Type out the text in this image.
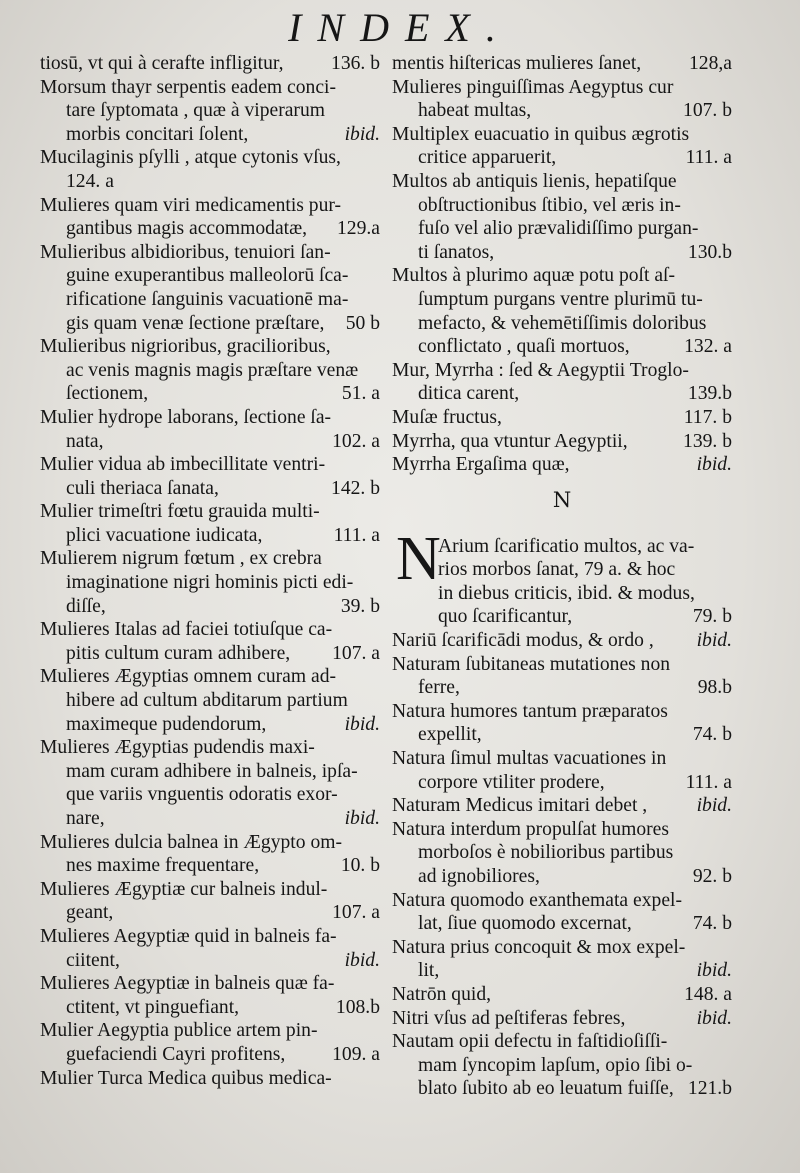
INDEX.
tiosū, vt qui à cerafte infligitur, 136. b
Morsum thayr serpentis eadem conci-
tare ſyptomata , quæ à viperarum
morbis concitari ſolent,	ibid.
Mucilaginis pſylli , atque cytonis vſus,
124. a
Mulieres quam viri medicamentis pur-
gantibus magis accommodatæ, 129.a
Mulieribus albidioribus, tenuiori ſan-
guine exuperantibus malleolorū ſca-
rificatione ſanguinis vacuationē ma-
gis quam venæ ſectione præſtare, 50 b
Mulieribus nigrioribus, gracilioribus,
ac venis magnis magis præſtare venæ
ſectionem,	51. a
Mulier hydrope laborans, ſectione ſa-
nata,	102. a
Mulier vidua ab imbecillitate ventri-
culi theriaca ſanata,	142. b
Mulier trimeſtri fœtu grauida multi-
plici vacuatione iudicata,	111. a
Mulierem nigrum fœtum , ex crebra
imaginatione nigri hominis picti edi-
diſſe,	39. b
Mulieres Italas ad faciei totiuſque ca-
pitis cultum curam adhibere, 107. a
Mulieres Ægyptias omnem curam ad-
hibere ad cultum abditarum partium
maximeque pudendorum,	ibid.
Mulieres Ægyptias pudendis maxi-
mam curam adhibere in balneis, ipſa-
que variis vnguentis odoratis exor-
nare,	ibid.
Mulieres dulcia balnea in Ægypto om-
nes maxime frequentare,	10. b
Mulieres Ægyptiæ cur balneis indul-
geant,	107. a
Mulieres Aegyptiæ quid in balneis fa-
ciitent,	ibid.
Mulieres Aegyptiæ in balneis quæ fa-
ctitent, vt pinguefiant,	108.b
Mulier Aegyptia publice artem pin-
guefaciendi Cayri profitens, 109. a
Mulier Turca Medica quibus medica-
mentis hiſtericas mulieres ſanet, 128,a
Mulieres pinguiſſimas Aegyptus cur
habeat multas,	107. b
Multiplex euacuatio in quibus ægrotis
critice apparuerit,	111. a
Multos ab antiquis lienis, hepatiſque
obſtructionibus ſtibio, vel æris in-
fuſo vel alio prævalidiſſimo purgan-
ti ſanatos,	130.b
Multos à plurimo aquæ potu poſt aſ-
ſumptum purgans ventre plurimū tu-
mefacto, & vehemētiſſimis doloribus
conflictato , quaſi mortuos,	132. a
Mur, Myrrha : ſed & Aegyptii Troglo-
ditica carent,	139.b
Muſæ fructus,	117. b
Myrrha, qua vtuntur Aegyptii,	139. b
Myrrha Ergaſima quæ,	ibid.
N
N
Arium ſcarificatio multos, ac va-
rios morbos ſanat, 79 a. & hoc
in diebus criticis, ibid. & modus,
quo ſcarificantur,	79. b
Nariū ſcarificādi modus, & ordo , ibid.
Naturam ſubitaneas mutationes non
ferre,	98.b
Natura humores tantum præparatos
expellit,	74. b
Natura ſimul multas vacuationes in
corpore vtiliter prodere,	111. a
Naturam Medicus imitari debet ,	ibid.
Natura interdum propulſat humores
morboſos è nobilioribus partibus
ad ignobiliores,	92. b
Natura quomodo exanthemata expel-
lat, ſiue quomodo excernat,	74. b
Natura prius concoquit & mox expel-
lit,	ibid.
Natrōn quid,	148. a
Nitri vſus ad peſtiferas febres,	ibid.
Nautam opii defectu in faſtidioſiſſi-
mam ſyncopim lapſum, opio ſibi o-
blato ſubito ab eo leuatum fuiſſe, 121.b
